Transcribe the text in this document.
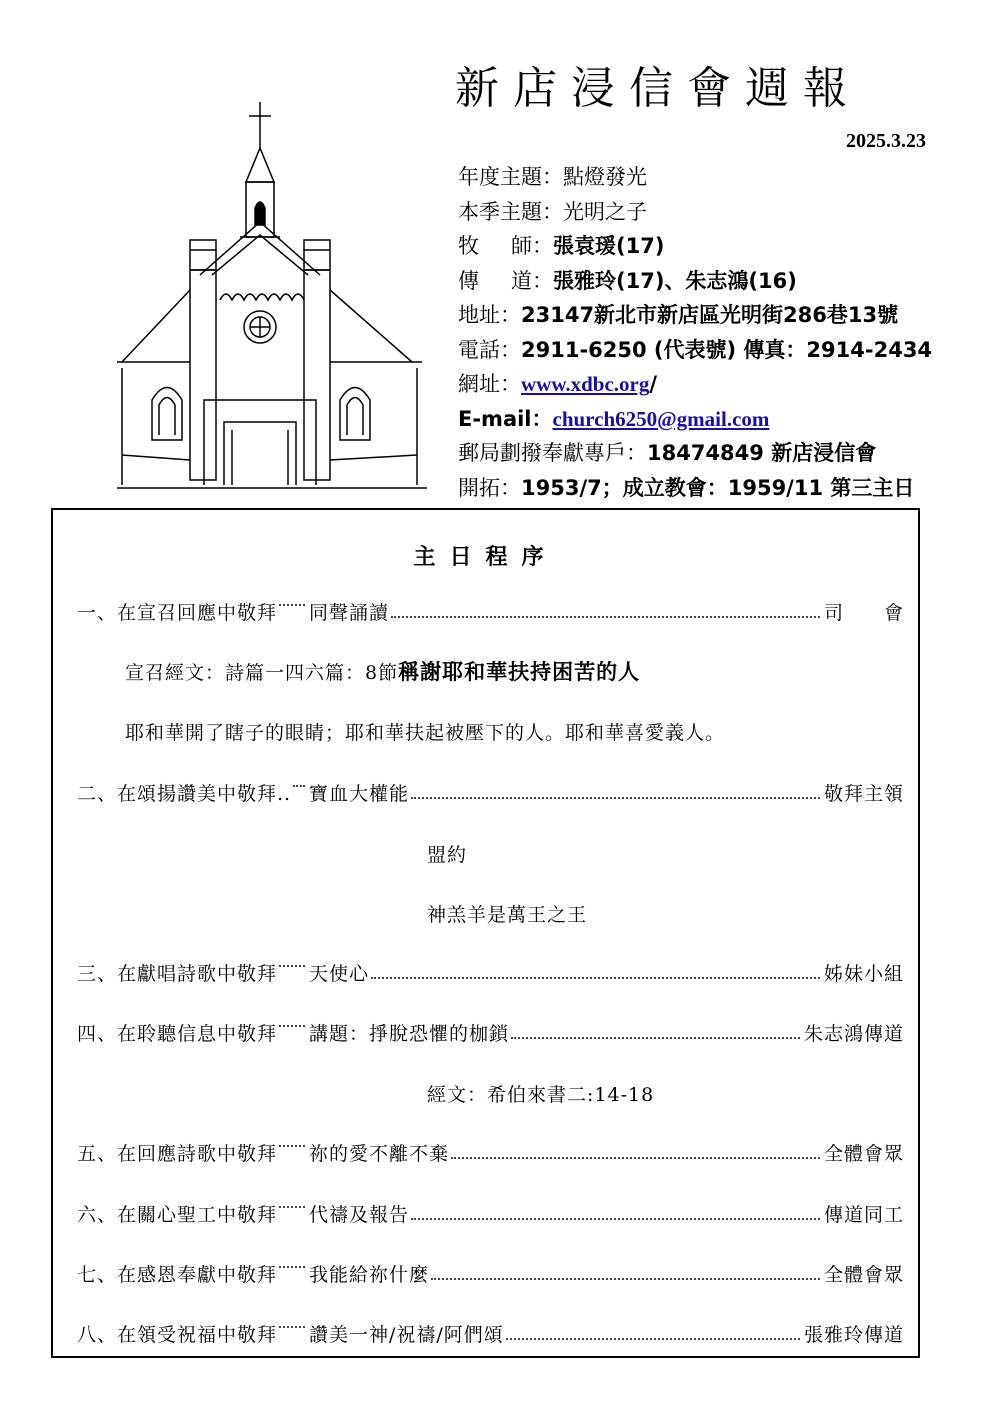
新店浸信會週報
2025.3.23
年度主題：點燈發光
本季主題：光明之子
牧 師： 張袁瑗(17)
傳 道： 張雅玲(17)、朱志鴻(16)
地址：23147新北市新店區光明街286巷13號
電話：2911-6250 (代表號) 傳真：2914-2434
網址：www.xdbc.org/
E-mail：church6250@gmail.com
郵局劃撥奉獻專戶：18474849 新店浸信會
開拓：1953/7；成立教會：1959/11 第三主日
主日程序
一、在宣召回應中敬拜 同聲誦讀	司　　會
宣召經文：詩篇一四六篇：8節稱謝耶和華扶持困苦的人
耶和華開了瞎子的眼睛；耶和華扶起被壓下的人。耶和華喜愛義人。
二、在頌揚讚美中敬拜.. 寶血大權能	敬拜主領
盟約
神羔羊是萬王之王
三、在獻唱詩歌中敬拜 天使心	姊妹小組
四、在聆聽信息中敬拜 講題：掙脫恐懼的枷鎖	朱志鴻傳道
經文：希伯來書二:14-18
五、在回應詩歌中敬拜 祢的愛不離不棄	全體會眾
六、在關心聖工中敬拜 代禱及報告	傳道同工
七、在感恩奉獻中敬拜 我能給祢什麼	全體會眾
八、在領受祝福中敬拜 讚美一神/祝禱/阿們頌	張雅玲傳道
